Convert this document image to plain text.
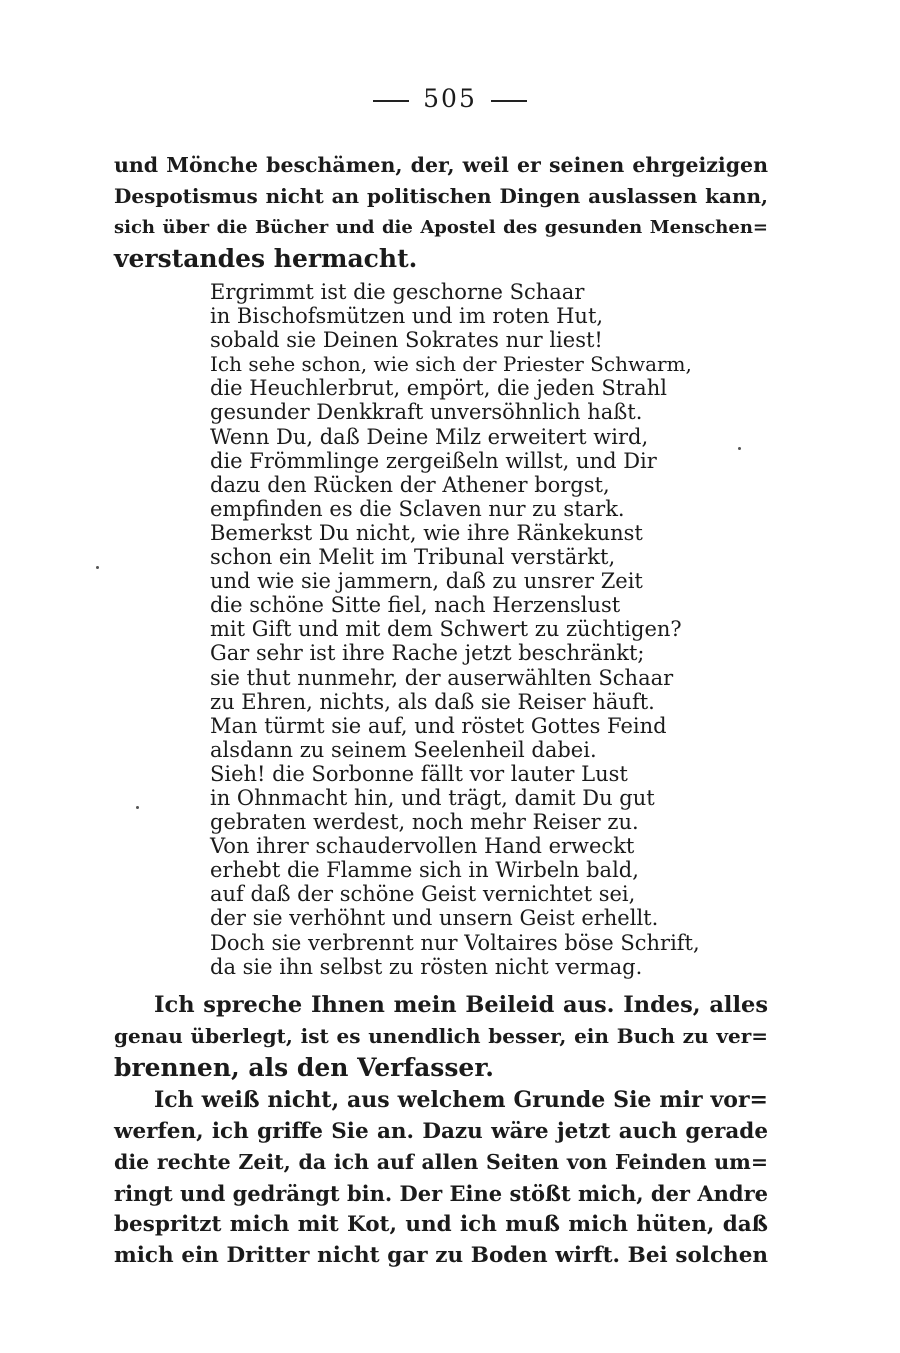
505
und Mönche beschämen, der, weil er seinen ehrgeizigen
Despotismus nicht an politischen Dingen auslassen kann,
sich über die Bücher und die Apostel des gesunden Menschen=
verstandes hermacht.
Ergrimmt ist die geschorne Schaar
in Bischofsmützen und im roten Hut,
sobald sie Deinen Sokrates nur liest!
Ich sehe schon, wie sich der Priester Schwarm,
die Heuchlerbrut, empört, die jeden Strahl
gesunder Denkkraft unversöhnlich haßt.
Wenn Du, daß Deine Milz erweitert wird,
die Frömmlinge zergeißeln willst, und Dir
dazu den Rücken der Athener borgst,
empfinden es die Sclaven nur zu stark.
Bemerkst Du nicht, wie ihre Ränkekunst
schon ein Melit im Tribunal verstärkt,
und wie sie jammern, daß zu unsrer Zeit
die schöne Sitte fiel, nach Herzenslust
mit Gift und mit dem Schwert zu züchtigen?
Gar sehr ist ihre Rache jetzt beschränkt;
sie thut nunmehr, der auserwählten Schaar
zu Ehren, nichts, als daß sie Reiser häuft.
Man türmt sie auf, und röstet Gottes Feind
alsdann zu seinem Seelenheil dabei.
Sieh! die Sorbonne fällt vor lauter Lust
in Ohnmacht hin, und trägt, damit Du gut
gebraten werdest, noch mehr Reiser zu.
Von ihrer schaudervollen Hand erweckt
erhebt die Flamme sich in Wirbeln bald,
auf daß der schöne Geist vernichtet sei,
der sie verhöhnt und unsern Geist erhellt.
Doch sie verbrennt nur Voltaires böse Schrift,
da sie ihn selbst zu rösten nicht vermag.
Ich spreche Ihnen mein Beileid aus. Indes, alles
genau überlegt, ist es unendlich besser, ein Buch zu ver=
brennen, als den Verfasser.
Ich weiß nicht, aus welchem Grunde Sie mir vor=
werfen, ich griffe Sie an. Dazu wäre jetzt auch gerade
die rechte Zeit, da ich auf allen Seiten von Feinden um=
ringt und gedrängt bin. Der Eine stößt mich, der Andre
bespritzt mich mit Kot, und ich muß mich hüten, daß
mich ein Dritter nicht gar zu Boden wirft. Bei solchen
